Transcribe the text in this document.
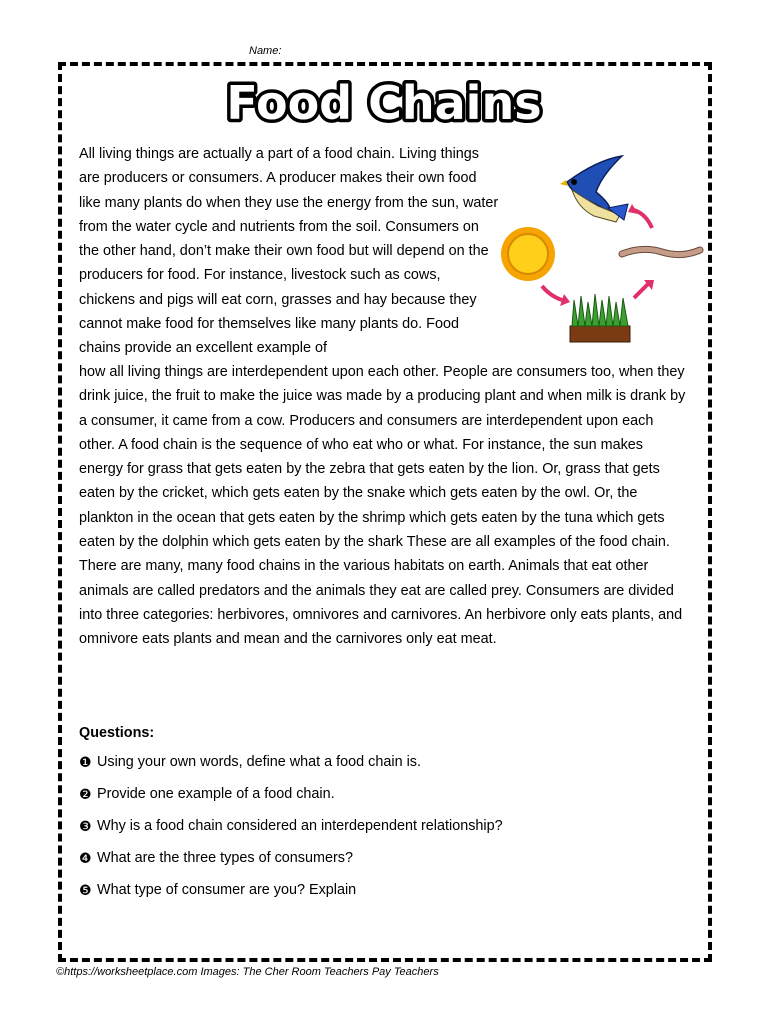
Name:
Food Chains

All living things are actually a part of a food chain. Living things are producers or consumers. A producer makes their own food like many plants do when they use the energy from the sun, water from the water cycle and nutrients from the soil. Consumers on the other hand, don’t make their own food but will depend on the producers for food. For instance, livestock such as cows, chickens and pigs will eat corn, grasses and hay because they cannot make food for themselves like many plants do. Food chains provide an excellent example of

how all living things are interdependent upon each other. People are consumers too, when they drink juice, the fruit to make the juice was made by a producing plant and when milk is drank by a consumer, it came from a cow. Producers and consumers are interdependent upon each other. A food chain is the sequence of who eat who or what. For instance, the sun makes energy for grass that gets eaten by the zebra that gets eaten by the lion. Or, grass that gets eaten by the cricket, which gets eaten by the snake which gets eaten by the owl. Or, the plankton in the ocean that gets eaten by the shrimp which gets eaten by the tuna which gets eaten by the dolphin which gets eaten by the shark These are all examples of the food chain. There are many, many food chains in the various habitats on earth. Animals that eat other animals are called predators and the animals they eat are called prey. Consumers are divided into three categories: herbivores, omnivores and carnivores. An herbivore only eats plants, and omnivore eats plants and mean and the carnivores only eat meat.

Questions:
❶ Using your own words, define what a food chain is.
❷ Provide one example of a food chain.
❸ Why is a food chain considered an interdependent relationship?
❹ What are the three types of consumers?
❺ What type of consumer are you? Explain
©https://worksheetplace.com Images: The Cher Room Teachers Pay Teachers
